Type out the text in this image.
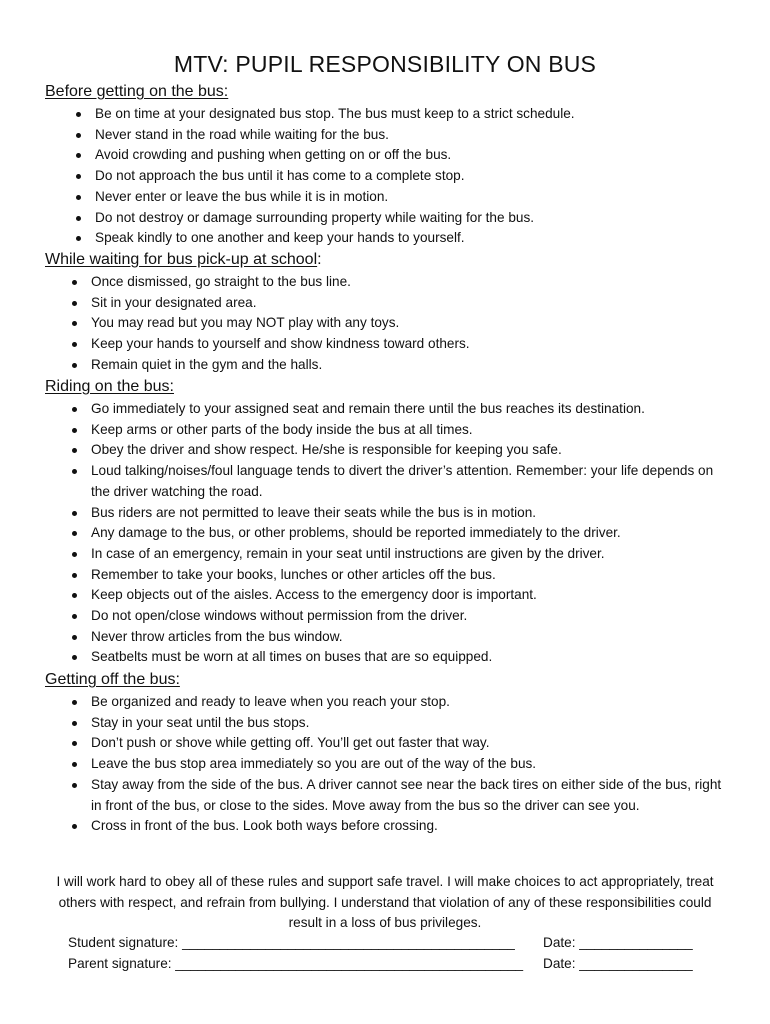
MTV: PUPIL RESPONSIBILITY ON BUS
Before getting on the bus:
Be on time at your designated bus stop. The bus must keep to a strict schedule.
Never stand in the road while waiting for the bus.
Avoid crowding and pushing when getting on or off the bus.
Do not approach the bus until it has come to a complete stop.
Never enter or leave the bus while it is in motion.
Do not destroy or damage surrounding property while waiting for the bus.
Speak kindly to one another and keep your hands to yourself.
While waiting for bus pick-up at school:
Once dismissed, go straight to the bus line.
Sit in your designated area.
You may read but you may NOT play with any toys.
Keep your hands to yourself and show kindness toward others.
Remain quiet in the gym and the halls.
Riding on the bus:
Go immediately to your assigned seat and remain there until the bus reaches its destination.
Keep arms or other parts of the body inside the bus at all times.
Obey the driver and show respect. He/she is responsible for keeping you safe.
Loud talking/noises/foul language tends to divert the driver’s attention. Remember: your life depends on the driver watching the road.
Bus riders are not permitted to leave their seats while the bus is in motion.
Any damage to the bus, or other problems, should be reported immediately to the driver.
In case of an emergency, remain in your seat until instructions are given by the driver.
Remember to take your books, lunches or other articles off the bus.
Keep objects out of the aisles. Access to the emergency door is important.
Do not open/close windows without permission from the driver.
Never throw articles from the bus window.
Seatbelts must be worn at all times on buses that are so equipped.
Getting off the bus:
Be organized and ready to leave when you reach your stop.
Stay in your seat until the bus stops.
Don’t push or shove while getting off. You’ll get out faster that way.
Leave the bus stop area immediately so you are out of the way of the bus.
Stay away from the side of the bus. A driver cannot see near the back tires on either side of the bus, right in front of the bus, or close to the sides. Move away from the bus so the driver can see you.
Cross in front of the bus. Look both ways before crossing.
I will work hard to obey all of these rules and support safe travel. I will make choices to act appropriately, treat others with respect, and refrain from bullying. I understand that violation of any of these responsibilities could result in a loss of bus privileges.
Student signature: ____________________________________________ Date: _______________
Parent signature: ______________________________________________ Date: _______________
